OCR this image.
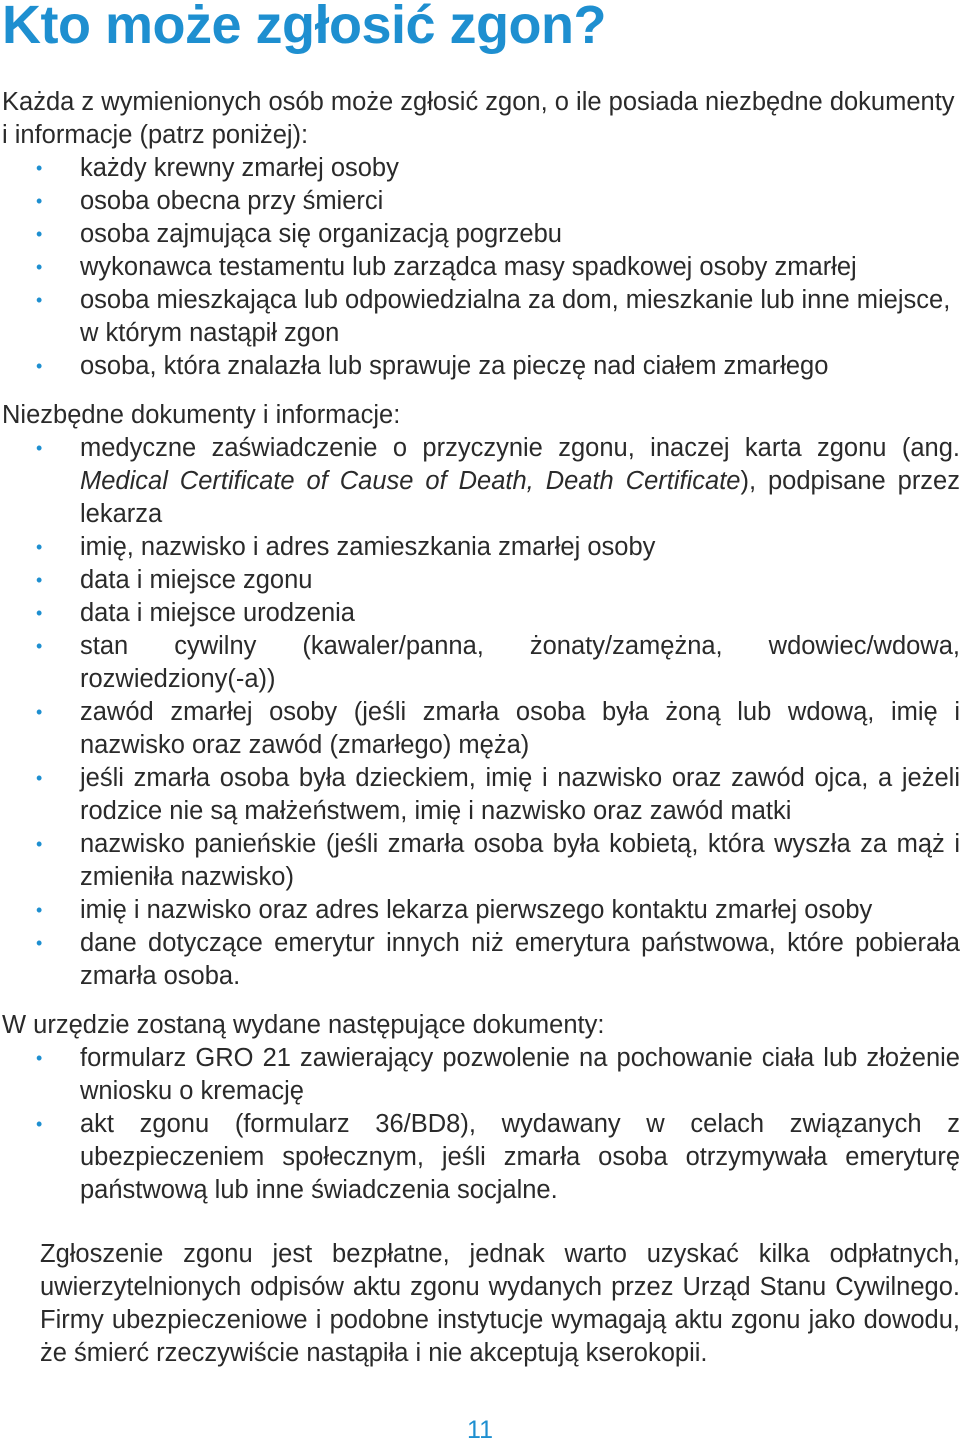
Kto może zgłosić zgon?

Każda z wymienionych osób może zgłosić zgon, o ile posiada niezbędne dokumenty i informacje (patrz poniżej):

• każdy krewny zmarłej osoby
• osoba obecna przy śmierci
• osoba zajmująca się organizacją pogrzebu
• wykonawca testamentu lub zarządca masy spadkowej osoby zmarłej
• osoba mieszkająca lub odpowiedzialna za dom, mieszkanie lub inne miejsce, w którym nastąpił zgon
• osoba, która znalazła lub sprawuje za pieczę nad ciałem zmarłego

Niezbędne dokumenty i informacje:

• medyczne zaświadczenie o przyczynie zgonu, inaczej karta zgonu (ang. Medical Certificate of Cause of Death, Death Certificate), podpisane przez lekarza
• imię, nazwisko i adres zamieszkania zmarłej osoby
• data i miejsce zgonu
• data i miejsce urodzenia
• stan cywilny (kawaler/panna, żonaty/zamężna, wdowiec/wdowa, rozwiedziony(-a))
• zawód zmarłej osoby (jeśli zmarła osoba była żoną lub wdową, imię i nazwisko oraz zawód (zmarłego) męża)
• jeśli zmarła osoba była dzieckiem, imię i nazwisko oraz zawód ojca, a jeżeli rodzice nie są małżeństwem, imię i nazwisko oraz zawód matki
• nazwisko panieńskie (jeśli zmarła osoba była kobietą, która wyszła za mąż i zmieniła nazwisko)
• imię i nazwisko oraz adres lekarza pierwszego kontaktu zmarłej osoby
• dane dotyczące emerytur innych niż emerytura państwowa, które pobierała zmarła osoba.

W urzędzie zostaną wydane następujące dokumenty:

• formularz GRO 21 zawierający pozwolenie na pochowanie ciała lub złożenie wniosku o kremację
• akt zgonu (formularz 36/BD8), wydawany w celach związanych z ubezpieczeniem społecznym, jeśli zmarła osoba otrzymywała emeryturę państwową lub inne świadczenia socjalne.

Zgłoszenie zgonu jest bezpłatne, jednak warto uzyskać kilka odpłatnych, uwierzytelnionych odpisów aktu zgonu wydanych przez Urząd Stanu Cywilnego. Firmy ubezpieczeniowe i podobne instytucje wymagają aktu zgonu jako dowodu, że śmierć rzeczywiście nastąpiła i nie akceptują kserokopii.

11
